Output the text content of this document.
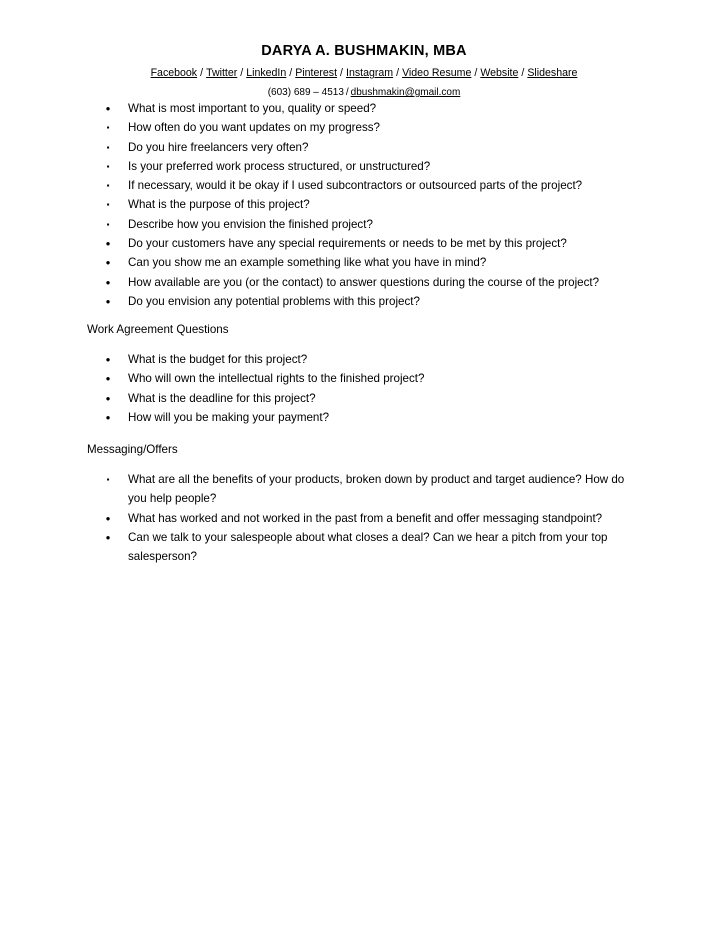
DARYA A. BUSHMAKIN, MBA
Facebook / Twitter / LinkedIn / Pinterest / Instagram / Video Resume / Website / Slideshare
(603) 689 – 4513 / dbushmakin@gmail.com
●	What is most important to you, quality or speed?
▪	How often do you want updates on my progress?
▪	Do you hire freelancers very often?
▪	Is your preferred work process structured, or unstructured?
▪	If necessary, would it be okay if I used subcontractors or outsourced parts of the project?
▪	What is the purpose of this project?
▪	Describe how you envision the finished project?
●	Do your customers have any special requirements or needs to be met by this project?
●	Can you show me an example something like what you have in mind?
●	How available are you (or the contact) to answer questions during the course of the project?
●	Do you envision any potential problems with this project?
Work Agreement Questions
●	What is the budget for this project?
●	Who will own the intellectual rights to the finished project?
●	What is the deadline for this project?
●	How will you be making your payment?
Messaging/Offers
▪	What are all the benefits of your products, broken down by product and target audience? How do you help people?
●	What has worked and not worked in the past from a benefit and offer messaging standpoint?
●	Can we talk to your salespeople about what closes a deal? Can we hear a pitch from your top salesperson?
